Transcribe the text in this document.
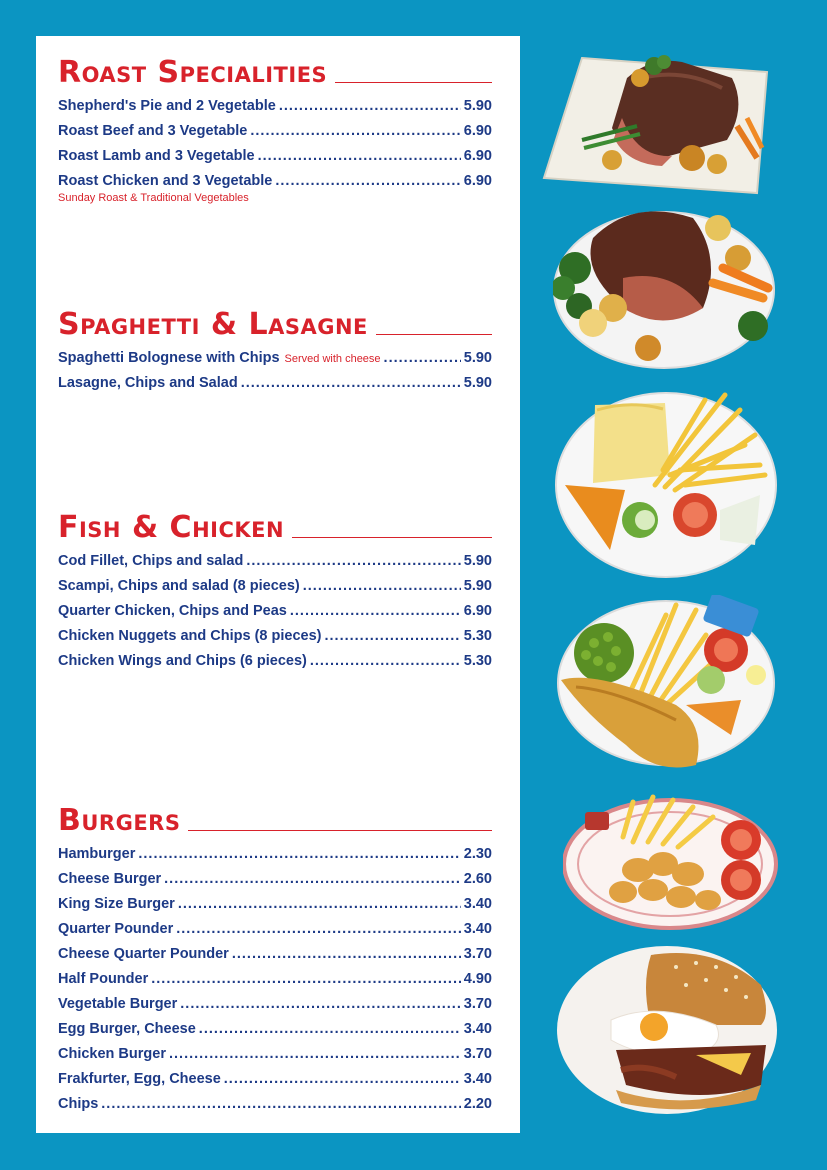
Roast Specialities
Shepherd's Pie and 2 Vegetable .....	5.90
Roast Beef and 3 Vegetable .....	6.90
Roast Lamb and 3 Vegetable .....	6.90
Roast Chicken and 3 Vegetable .....	6.90
Sunday Roast & Traditional Vegetables
Spaghetti & Lasagne
Spaghetti Bolognese with Chips Served with cheese .....	5.90
Lasagne, Chips and Salad .....	5.90
Fish & Chicken
Cod Fillet, Chips and salad .....	5.90
Scampi, Chips and salad (8 pieces) .....	5.90
Quarter Chicken, Chips and Peas .....	6.90
Chicken Nuggets and Chips (8 pieces) .....	5.30
Chicken Wings and Chips (6 pieces) .....	5.30
Burgers
Hamburger .....	2.30
Cheese Burger .....	2.60
King Size Burger .....	3.40
Quarter Pounder .....	3.40
Cheese Quarter Pounder .....	3.70
Half Pounder .....	4.90
Vegetable Burger .....	3.70
Egg Burger, Cheese .....	3.40
Chicken Burger .....	3.70
Frakfurter, Egg, Cheese .....	3.40
Chips .....	2.20
